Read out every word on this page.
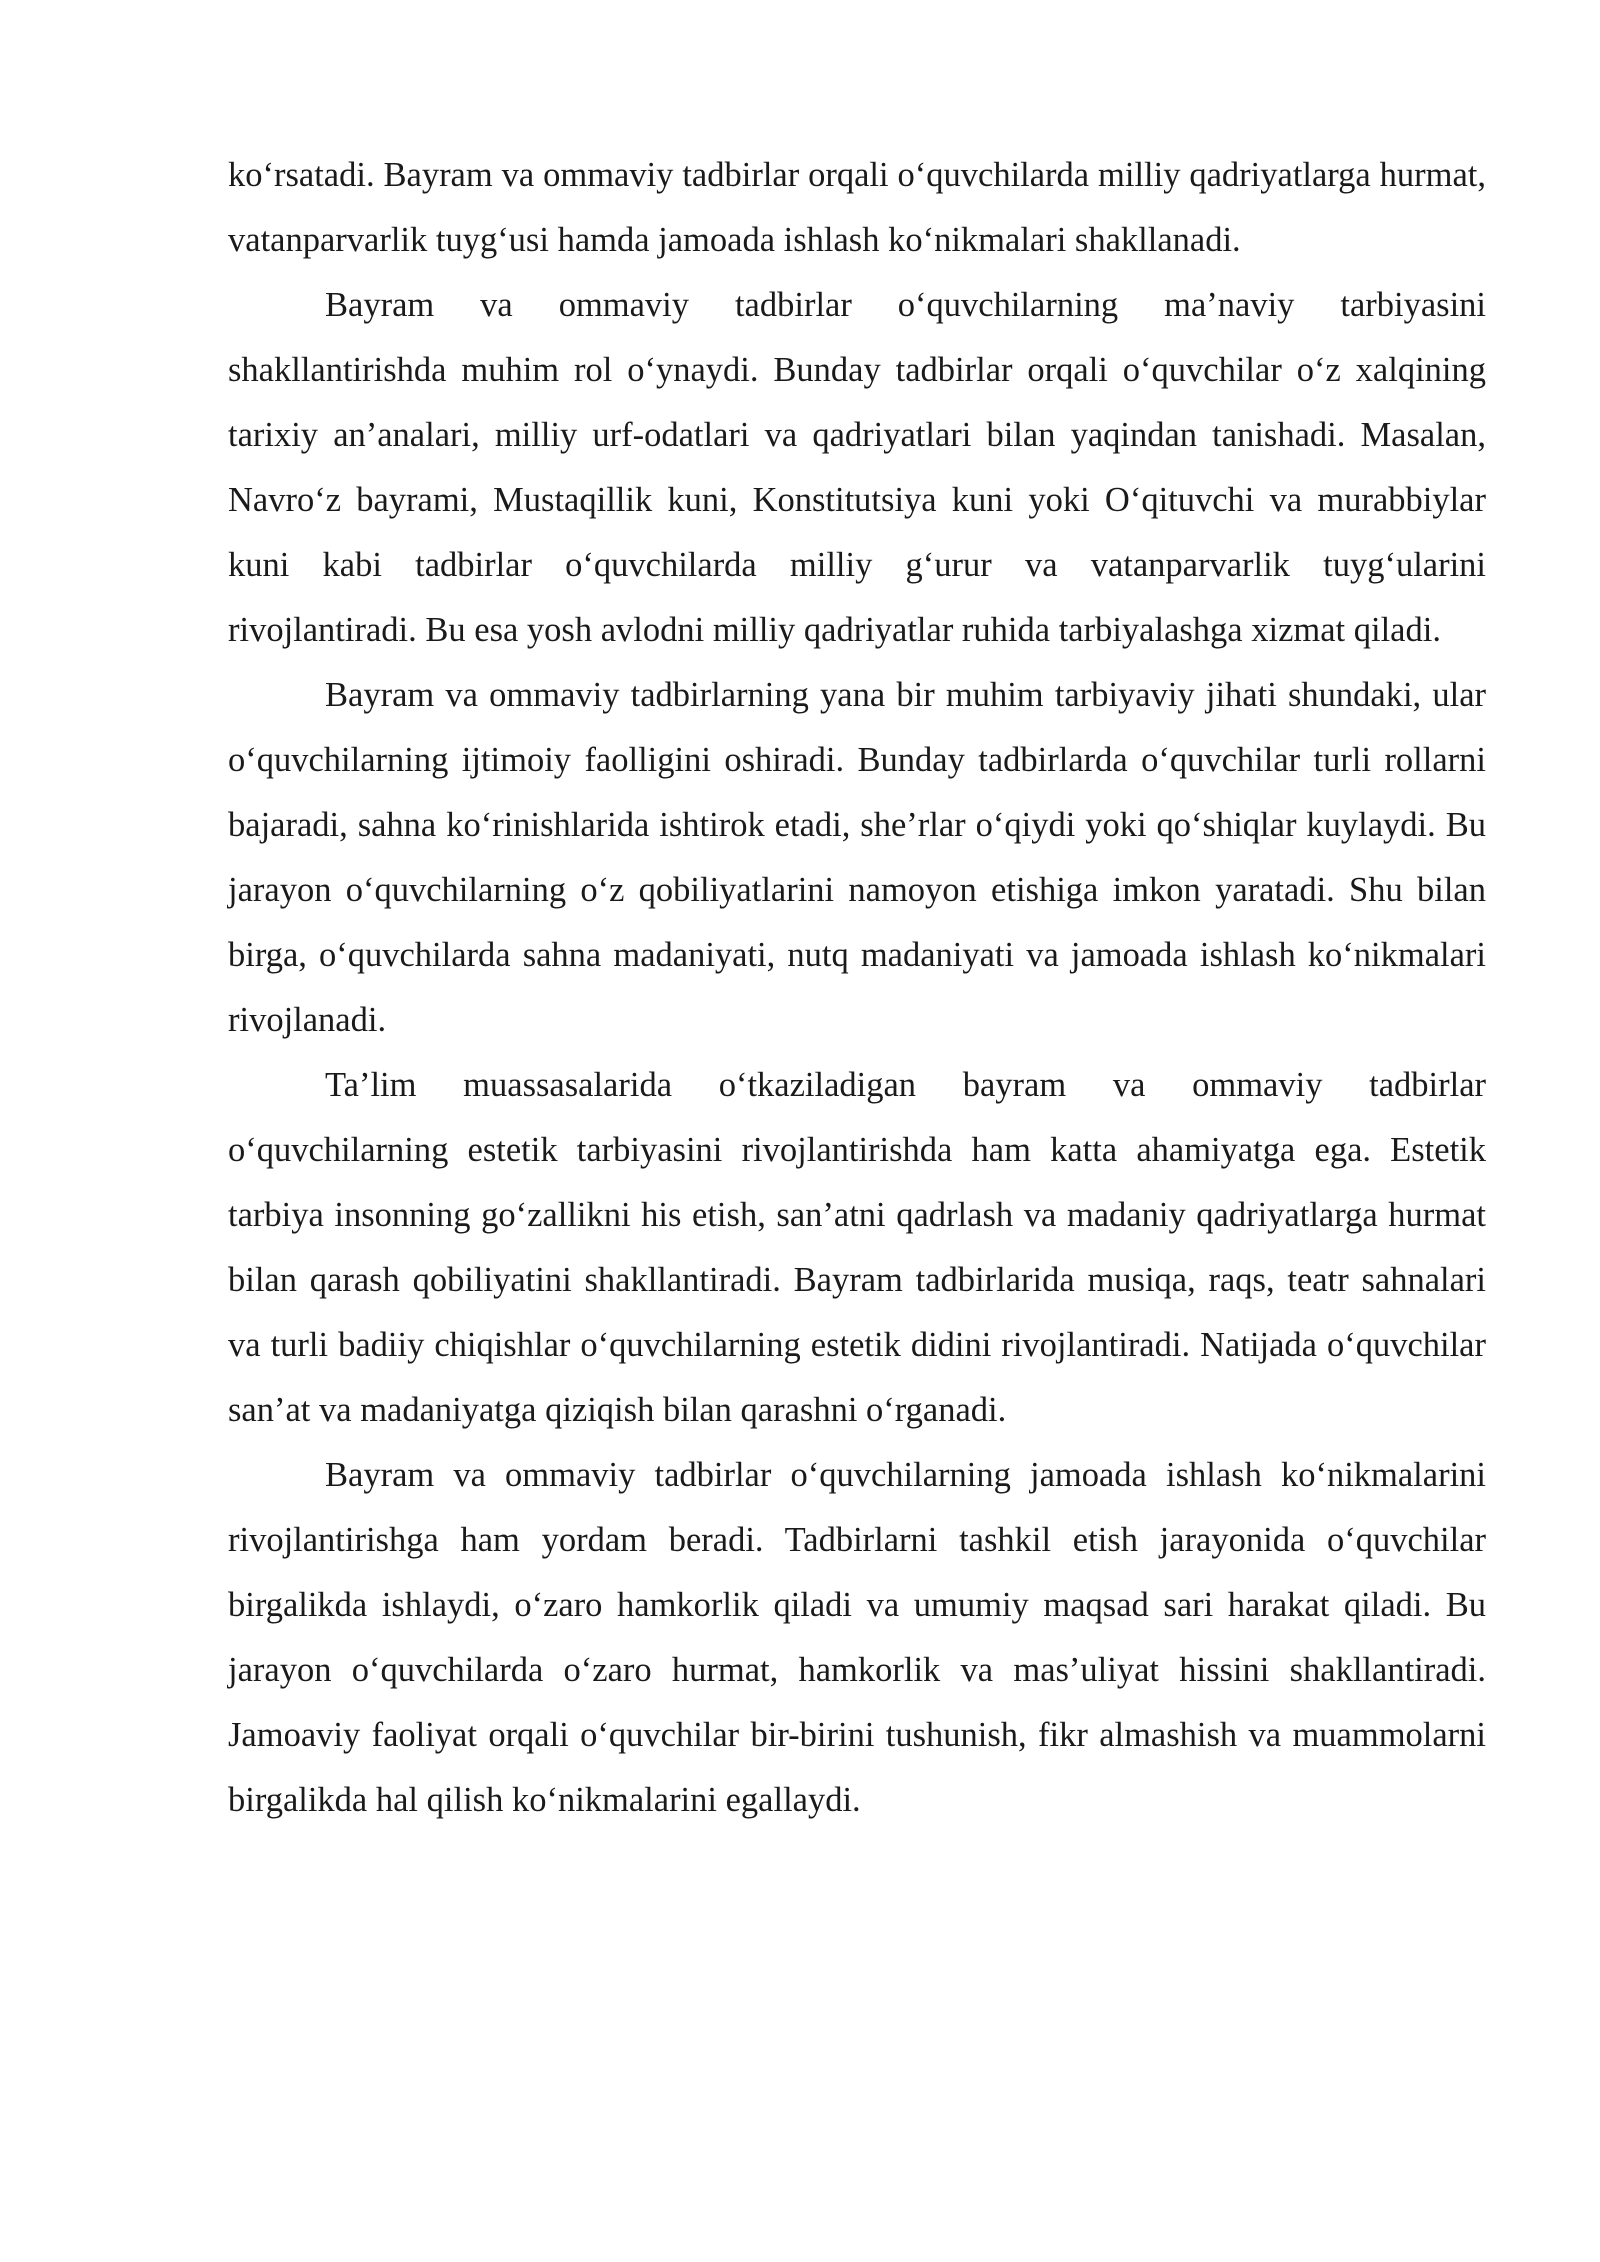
ko‘rsatadi. Bayram va ommaviy tadbirlar orqali o‘quvchilarda milliy qadriyatlarga hurmat, vatanparvarlik tuyg‘usi hamda jamoada ishlash ko‘nikmalari shakllanadi.

Bayram va ommaviy tadbirlar o‘quvchilarning ma’naviy tarbiyasini shakllantirishda muhim rol o‘ynaydi. Bunday tadbirlar orqali o‘quvchilar o‘z xalqining tarixiy an’analari, milliy urf-odatlari va qadriyatlari bilan yaqindan tanishadi. Masalan, Navro‘z bayrami, Mustaqillik kuni, Konstitutsiya kuni yoki O‘qituvchi va murabbiylar kuni kabi tadbirlar o‘quvchilarda milliy g‘urur va vatanparvarlik tuyg‘ularini rivojlantiradi. Bu esa yosh avlodni milliy qadriyatlar ruhida tarbiyalashga xizmat qiladi.

Bayram va ommaviy tadbirlarning yana bir muhim tarbiyaviy jihati shundaki, ular o‘quvchilarning ijtimoiy faolligini oshiradi. Bunday tadbirlarda o‘quvchilar turli rollarni bajaradi, sahna ko‘rinishlarida ishtirok etadi, she’rlar o‘qiydi yoki qo‘shiqlar kuylaydi. Bu jarayon o‘quvchilarning o‘z qobiliyatlarini namoyon etishiga imkon yaratadi. Shu bilan birga, o‘quvchilarda sahna madaniyati, nutq madaniyati va jamoada ishlash ko‘nikmalari rivojlanadi.

Ta’lim muassasalarida o‘tkaziladigan bayram va ommaviy tadbirlar o‘quvchilarning estetik tarbiyasini rivojlantirishda ham katta ahamiyatga ega. Estetik tarbiya insonning go‘zallikni his etish, san’atni qadrlash va madaniy qadriyatlarga hurmat bilan qarash qobiliyatini shakllantiradi. Bayram tadbirlarida musiqa, raqs, teatr sahnalari va turli badiiy chiqishlar o‘quvchilarning estetik didini rivojlantiradi. Natijada o‘quvchilar san’at va madaniyatga qiziqish bilan qarashni o‘rganadi.

Bayram va ommaviy tadbirlar o‘quvchilarning jamoada ishlash ko‘nikmalarini rivojlantirishga ham yordam beradi. Tadbirlarni tashkil etish jarayonida o‘quvchilar birgalikda ishlaydi, o‘zaro hamkorlik qiladi va umumiy maqsad sari harakat qiladi. Bu jarayon o‘quvchilarda o‘zaro hurmat, hamkorlik va mas’uliyat hissini shakllantiradi. Jamoaviy faoliyat orqali o‘quvchilar bir-birini tushunish, fikr almashish va muammolarni birgalikda hal qilish ko‘nikmalarini egallaydi.
